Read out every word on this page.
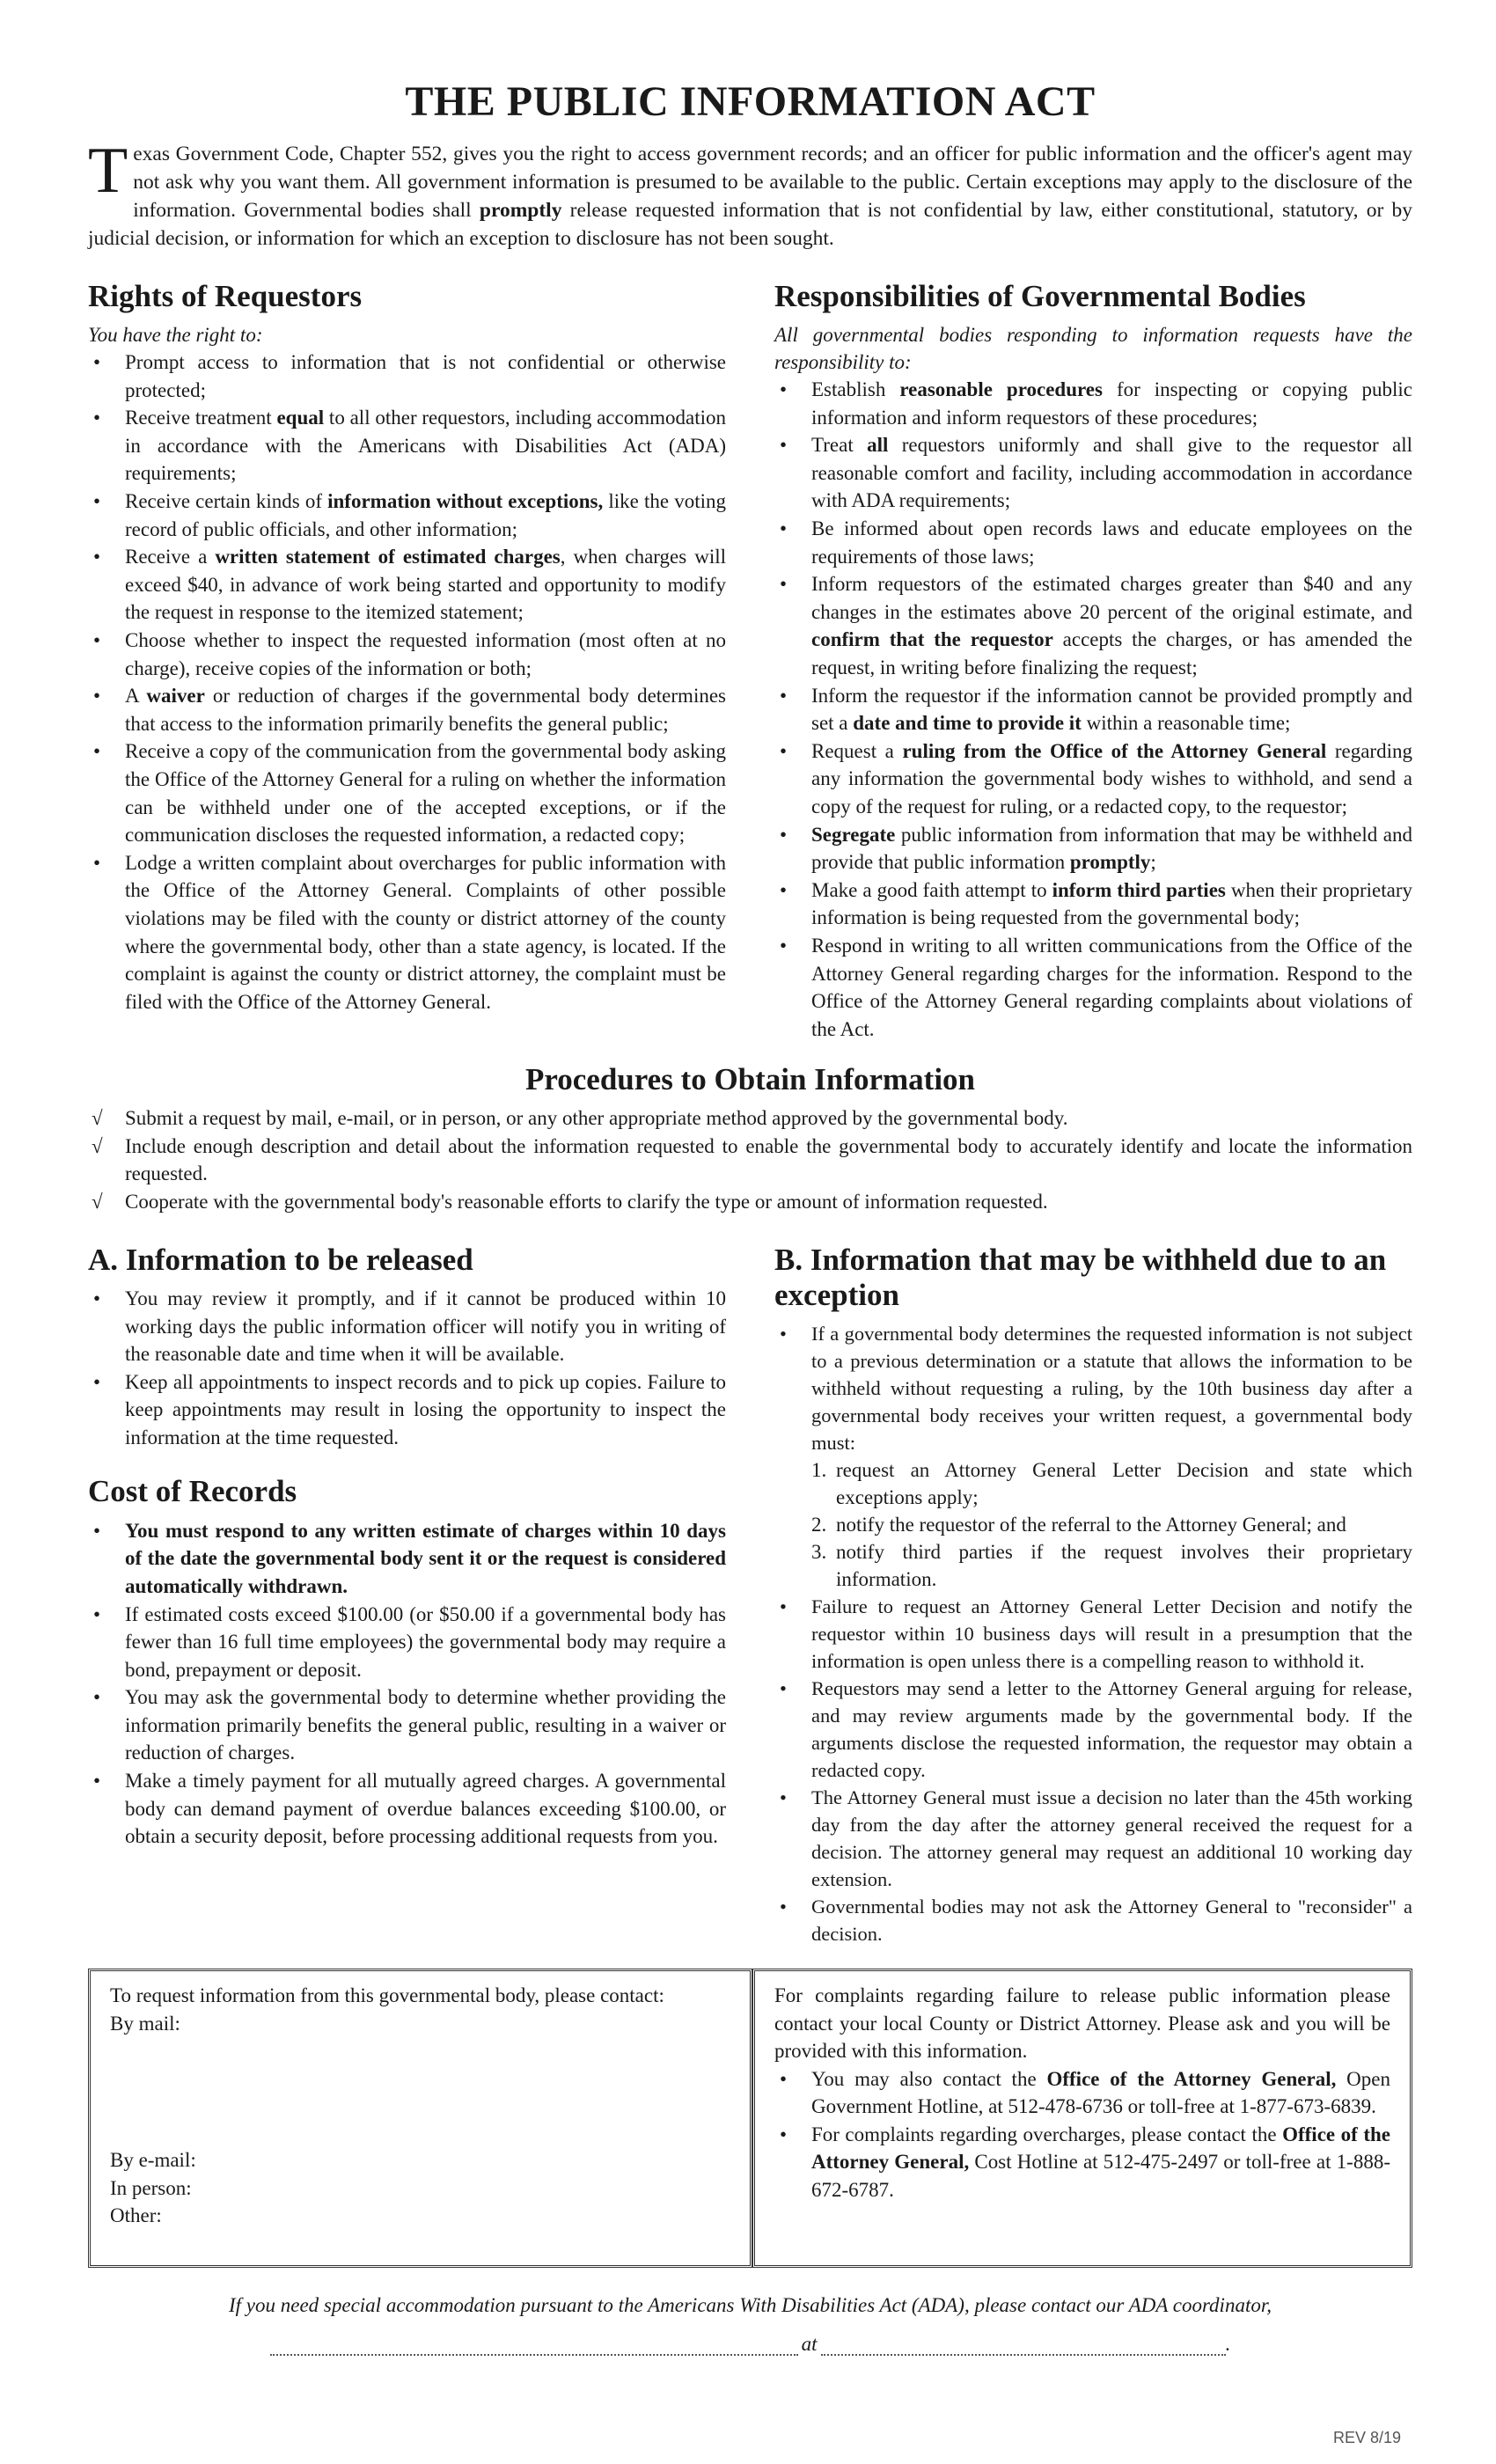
THE PUBLIC INFORMATION ACT

Texas Government Code, Chapter 552, gives you the right to access government records; and an officer for public information and the officer's agent may not ask why you want them. All government information is presumed to be available to the public. Certain exceptions may apply to the disclosure of the information. Governmental bodies shall promptly release requested information that is not confidential by law, either constitutional, statutory, or by judicial decision, or information for which an exception to disclosure has not been sought.

Rights of Requestors

You have the right to:

• Prompt access to information that is not confidential or otherwise protected;
• Receive treatment equal to all other requestors, including accommodation in accordance with the Americans with Disabilities Act (ADA) requirements;
• Receive certain kinds of information without exceptions, like the voting record of public officials, and other information;
• Receive a written statement of estimated charges, when charges will exceed $40, in advance of work being started and opportunity to modify the request in response to the itemized statement;
• Choose whether to inspect the requested information (most often at no charge), receive copies of the information or both;
• A waiver or reduction of charges if the governmental body determines that access to the information primarily benefits the general public;
• Receive a copy of the communication from the governmental body asking the Office of the Attorney General for a ruling on whether the information can be withheld under one of the accepted exceptions, or if the communication discloses the requested information, a redacted copy;
• Lodge a written complaint about overcharges for public information with the Office of the Attorney General. Complaints of other possible violations may be filed with the county or district attorney of the county where the governmental body, other than a state agency, is located. If the complaint is against the county or district attorney, the complaint must be filed with the Office of the Attorney General.
Responsibilities of Governmental Bodies

All governmental bodies responding to information requests have the responsibility to:

• Establish reasonable procedures for inspecting or copying public information and inform requestors of these procedures;
• Treat all requestors uniformly and shall give to the requestor all reasonable comfort and facility, including accommodation in accordance with ADA requirements;
• Be informed about open records laws and educate employees on the requirements of those laws;
• Inform requestors of the estimated charges greater than $40 and any changes in the estimates above 20 percent of the original estimate, and confirm that the requestor accepts the charges, or has amended the request, in writing before finalizing the request;
• Inform the requestor if the information cannot be provided promptly and set a date and time to provide it within a reasonable time;
• Request a ruling from the Office of the Attorney General regarding any information the governmental body wishes to withhold, and send a copy of the request for ruling, or a redacted copy, to the requestor;
• Segregate public information from information that may be withheld and provide that public information promptly;
• Make a good faith attempt to inform third parties when their proprietary information is being requested from the governmental body;
• Respond in writing to all written communications from the Office of the Attorney General regarding charges for the information. Respond to the Office of the Attorney General regarding complaints about violations of the Act.
Procedures to Obtain Information
√ Submit a request by mail, e-mail, or in person, or any other appropriate method approved by the governmental body.
√ Include enough description and detail about the information requested to enable the governmental body to accurately identify and locate the information requested.
√ Cooperate with the governmental body's reasonable efforts to clarify the type or amount of information requested.
A. Information to be released
• You may review it promptly, and if it cannot be produced within 10 working days the public information officer will notify you in writing of the reasonable date and time when it will be available.
• Keep all appointments to inspect records and to pick up copies. Failure to keep appointments may result in losing the opportunity to inspect the information at the time requested.
Cost of Records
• You must respond to any written estimate of charges within 10 days of the date the governmental body sent it or the request is considered automatically withdrawn.
• If estimated costs exceed $100.00 (or $50.00 if a governmental body has fewer than 16 full time employees) the governmental body may require a bond, prepayment or deposit.
• You may ask the governmental body to determine whether providing the information primarily benefits the general public, resulting in a waiver or reduction of charges.
• Make a timely payment for all mutually agreed charges. A governmental body can demand payment of overdue balances exceeding $100.00, or obtain a security deposit, before processing additional requests from you.
B. Information that may be withheld due to an exception
• If a governmental body determines the requested information is not subject to a previous determination or a statute that allows the information to be withheld without requesting a ruling, by the 10th business day after a governmental body receives your written request, a governmental body must:
1. request an Attorney General Letter Decision and state which exceptions apply;
2. notify the requestor of the referral to the Attorney General; and
3. notify third parties if the request involves their proprietary information.
• Failure to request an Attorney General Letter Decision and notify the requestor within 10 business days will result in a presumption that the information is open unless there is a compelling reason to withhold it.
• Requestors may send a letter to the Attorney General arguing for release, and may review arguments made by the governmental body. If the arguments disclose the requested information, the requestor may obtain a redacted copy.
• The Attorney General must issue a decision no later than the 45th working day from the day after the attorney general received the request for a decision. The attorney general may request an additional 10 working day extension.
• Governmental bodies may not ask the Attorney General to "reconsider" a decision.
To request information from this governmental body, please contact:
By mail:
By e-mail:
In person:
Other:
For complaints regarding failure to release public information please contact your local County or District Attorney. Please ask and you will be provided with this information.
• You may also contact the Office of the Attorney General, Open Government Hotline, at 512-478-6736 or toll-free at 1-877-673-6839.
• For complaints regarding overcharges, please contact the Office of the Attorney General, Cost Hotline at 512-475-2497 or toll-free at 1-888-672-6787.
If you need special accommodation pursuant to the Americans With Disabilities Act (ADA), please contact our ADA coordinator,
at	.
REV 8/19
